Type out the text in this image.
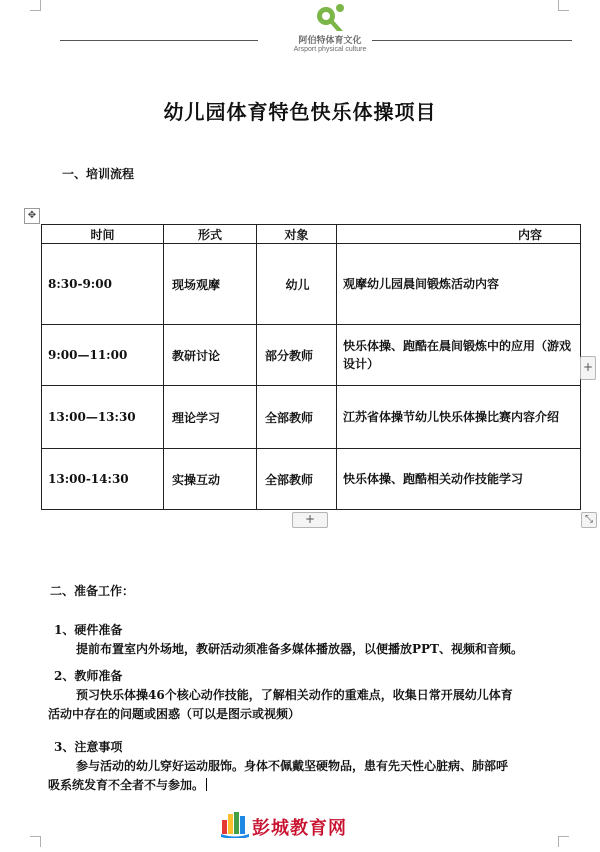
阿伯特体育文化
Arsport physical culture
幼儿园体育特色快乐体操项目
一、培训流程
✥
时间	形式	对象	内容
8:30-9:00	现场观摩	幼儿	观摩幼儿园晨间锻炼活动内容
9:00—11:00	教研讨论	部分教师	快乐体操、跑酷在晨间锻炼中的应用（游戏设计）
13:00—13:30	理论学习	全部教师	江苏省体操节幼儿快乐体操比赛内容介绍
13:00-14:30	实操互动	全部教师	快乐体操、跑酷相关动作技能学习
+
+	⤡
二、准备工作：
1、硬件准备
提前布置室内外场地，教研活动须准备多媒体播放器，以便播放PPT、视频和音频。
2、教师准备
预习快乐体操46个核心动作技能，了解相关动作的重难点，收集日常开展幼儿体育
活动中存在的问题或困惑（可以是图示或视频）
3、注意事项
参与活动的幼儿穿好运动服饰。身体不佩戴坚硬物品，患有先天性心脏病、肺部呼
吸系统发育不全者不与参加。
彭城教育网
